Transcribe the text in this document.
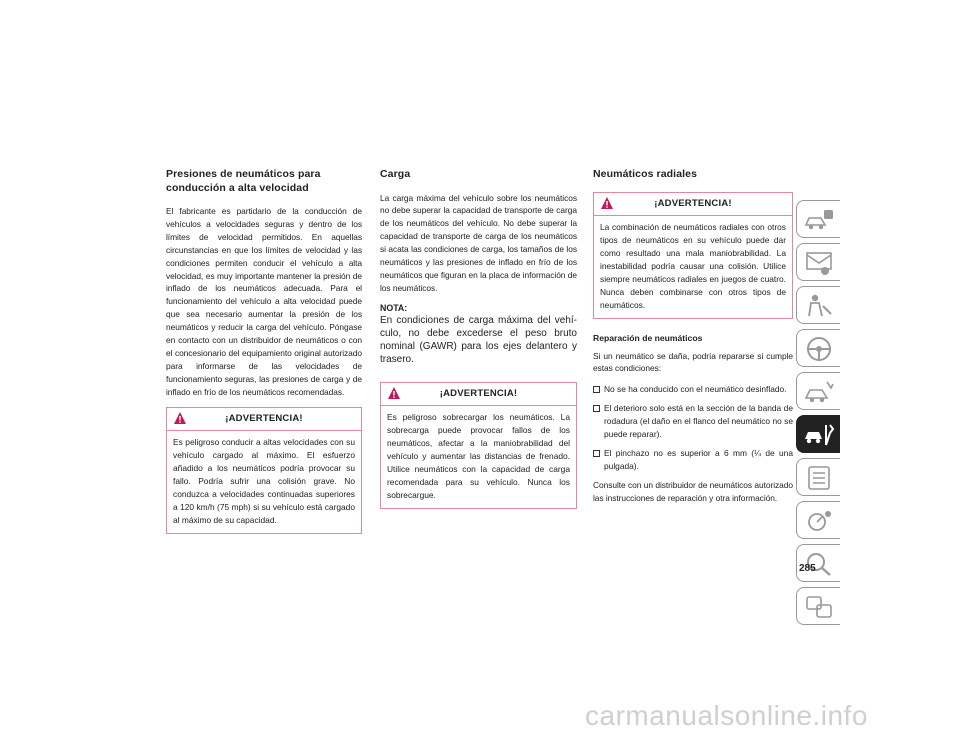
Presiones de neumáticos para conducción a alta velocidad

El fabricante es partidario de la conducción de vehículos a velocidades seguras y dentro de los límites de velocidad permitidos. En aquellas circunstancias en que los límites de velocidad y las condiciones permiten conducir el vehículo a alta velocidad, es muy importante mantener la presión de inflado de los neumáticos adecuada. Para el funcionamiento del vehículo a alta velocidad puede que sea necesario aumentar la presión de los neumáticos y reducir la carga del vehículo. Póngase en contacto con un distribuidor de neumáticos o con el concesionario del equipamiento original autorizado para informarse de las velocidades de funcionamiento seguras, las presiones de carga y de inflado en frío de los neumáticos recomendadas.

¡ADVERTENCIA!
Es peligroso conducir a altas velocidades con su vehículo cargado al máximo. El esfuerzo añadido a los neumáticos podría provocar su fallo. Podría sufrir una colisión grave. No conduzca a velocidades continuadas superiores a 120 km/h (75 mph) si su vehículo está cargado al máximo de su capacidad.
Carga

La carga máxima del vehículo sobre los neumáticos no debe superar la capacidad de transporte de carga de los neumáticos del vehículo. No debe superar la capacidad de transporte de carga de los neumáticos si acata las condiciones de carga, los tamaños de los neumáticos y las presiones de inflado en frío de los neumáticos que figuran en la placa de información de los neumáticos.

NOTA:
En condiciones de carga máxima del vehículo, no debe excederse el peso bruto nominal (GAWR) para los ejes delantero y trasero.
¡ADVERTENCIA!
Es peligroso sobrecargar los neumáticos. La sobrecarga puede provocar fallos de los neumáticos, afectar a la maniobrabilidad del vehículo y aumentar las distancias de frenado. Utilice neumáticos con la capacidad de carga recomendada para su vehículo. Nunca los sobrecargue.
Neumáticos radiales
¡ADVERTENCIA!
La combinación de neumáticos radiales con otros tipos de neumáticos en su vehículo puede dar como resultado una mala maniobrabilidad. La inestabilidad podría causar una colisión. Utilice siempre neumáticos radiales en juegos de cuatro. Nunca deben combinarse con otros tipos de neumáticos.
Reparación de neumáticos

Si un neumático se daña, podría repararse si cumple estas condiciones:

No se ha conducido con el neumático desinflado.
El deterioro solo está en la sección de la banda de rodadura (el daño en el flanco del neumático no se puede reparar).
El pinchazo no es superior a 6 mm (¼ de una pulgada).

Consulte con un distribuidor de neumáticos autorizado las instrucciones de reparación y otra información.

285
carmanualsonline.info
